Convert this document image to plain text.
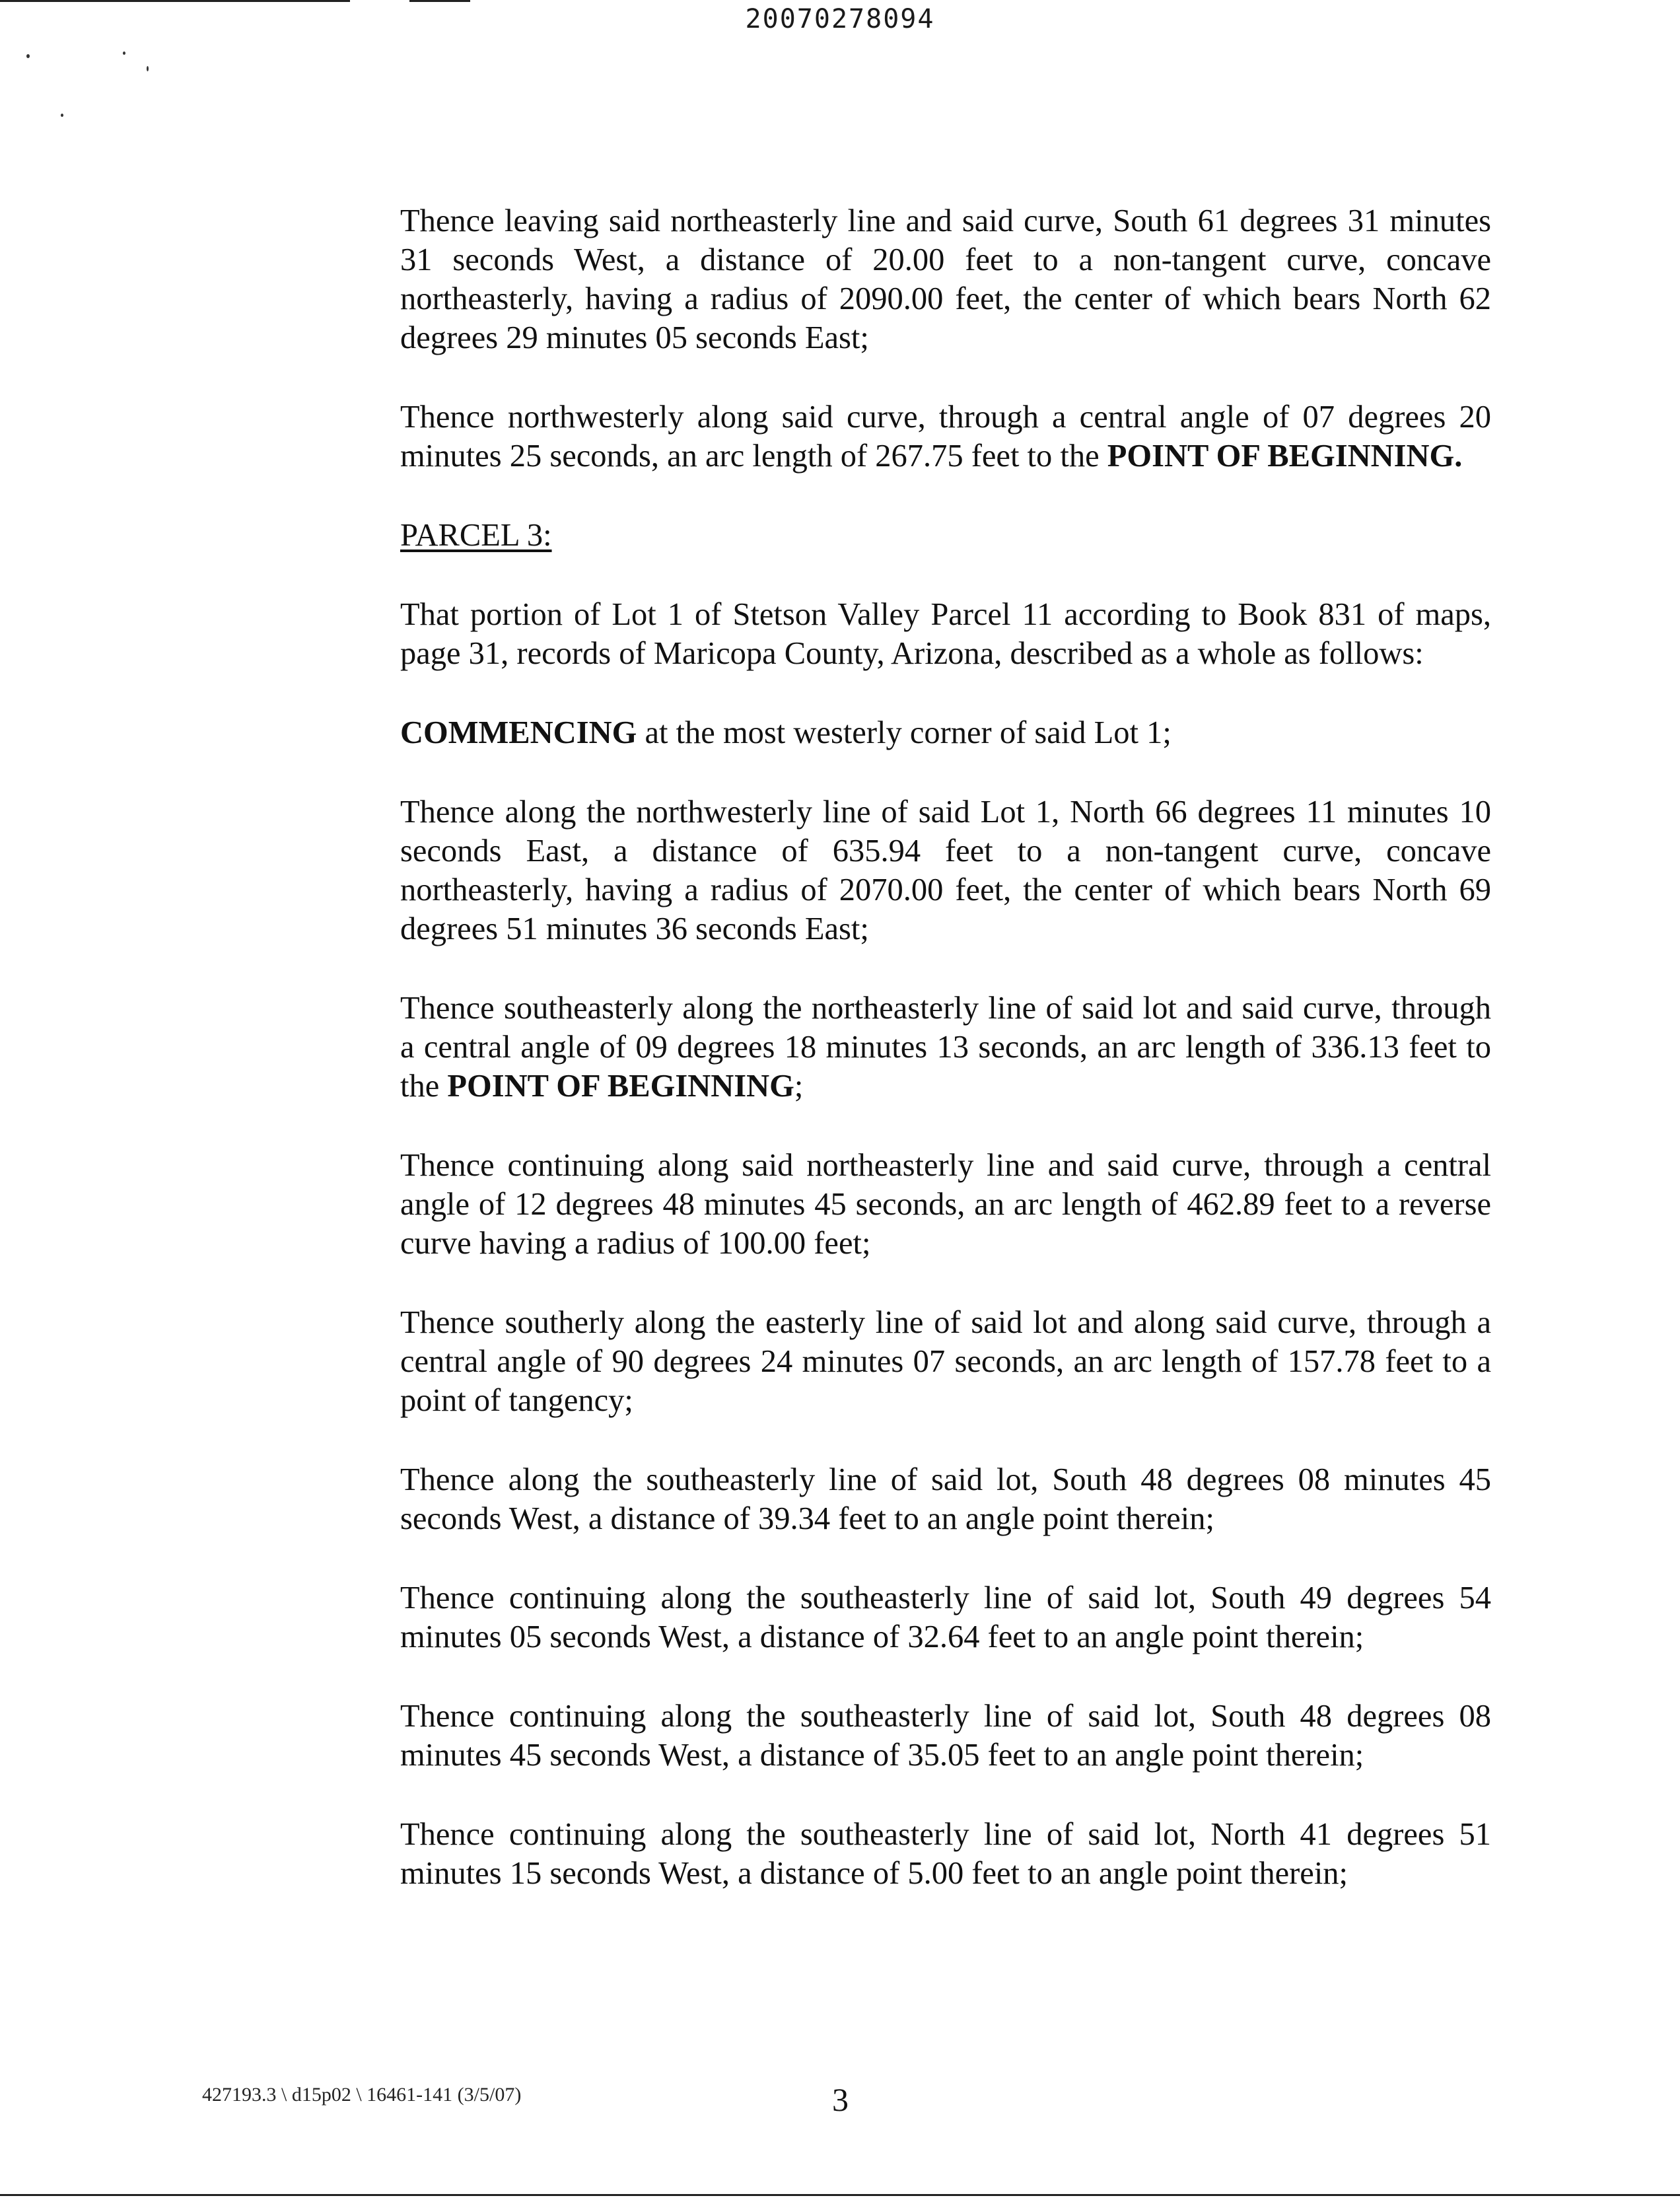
20070278094

Thence leaving said northeasterly line and said curve, South 61 degrees 31 minutes 31 seconds West, a distance of 20.00 feet to a non-tangent curve, concave northeasterly, having a radius of 2090.00 feet, the center of which bears North 62 degrees 29 minutes 05 seconds East;

Thence northwesterly along said curve, through a central angle of 07 degrees 20 minutes 25 seconds, an arc length of 267.75 feet to the POINT OF BEGINNING.

PARCEL 3:

That portion of Lot 1 of Stetson Valley Parcel 11 according to Book 831 of maps, page 31, records of Maricopa County, Arizona, described as a whole as follows:

COMMENCING at the most westerly corner of said Lot 1;

Thence along the northwesterly line of said Lot 1, North 66 degrees 11 minutes 10 seconds East, a distance of 635.94 feet to a non-tangent curve, concave northeasterly, having a radius of 2070.00 feet, the center of which bears North 69 degrees 51 minutes 36 seconds East;

Thence southeasterly along the northeasterly line of said lot and said curve, through a central angle of 09 degrees 18 minutes 13 seconds, an arc length of 336.13 feet to the POINT OF BEGINNING;

Thence continuing along said northeasterly line and said curve, through a central angle of 12 degrees 48 minutes 45 seconds, an arc length of 462.89 feet to a reverse curve having a radius of 100.00 feet;

Thence southerly along the easterly line of said lot and along said curve, through a central angle of 90 degrees 24 minutes 07 seconds, an arc length of 157.78 feet to a point of tangency;

Thence along the southeasterly line of said lot, South 48 degrees 08 minutes 45 seconds West, a distance of 39.34 feet to an angle point therein;

Thence continuing along the southeasterly line of said lot, South 49 degrees 54 minutes 05 seconds West, a distance of 32.64 feet to an angle point therein;

Thence continuing along the southeasterly line of said lot, South 48 degrees 08 minutes 45 seconds West, a distance of 35.05 feet to an angle point therein;

Thence continuing along the southeasterly line of said lot, North 41 degrees 51 minutes 15 seconds West, a distance of 5.00 feet to an angle point therein;

427193.3 \ d15p02 \ 16461-141 (3/5/07)	3
